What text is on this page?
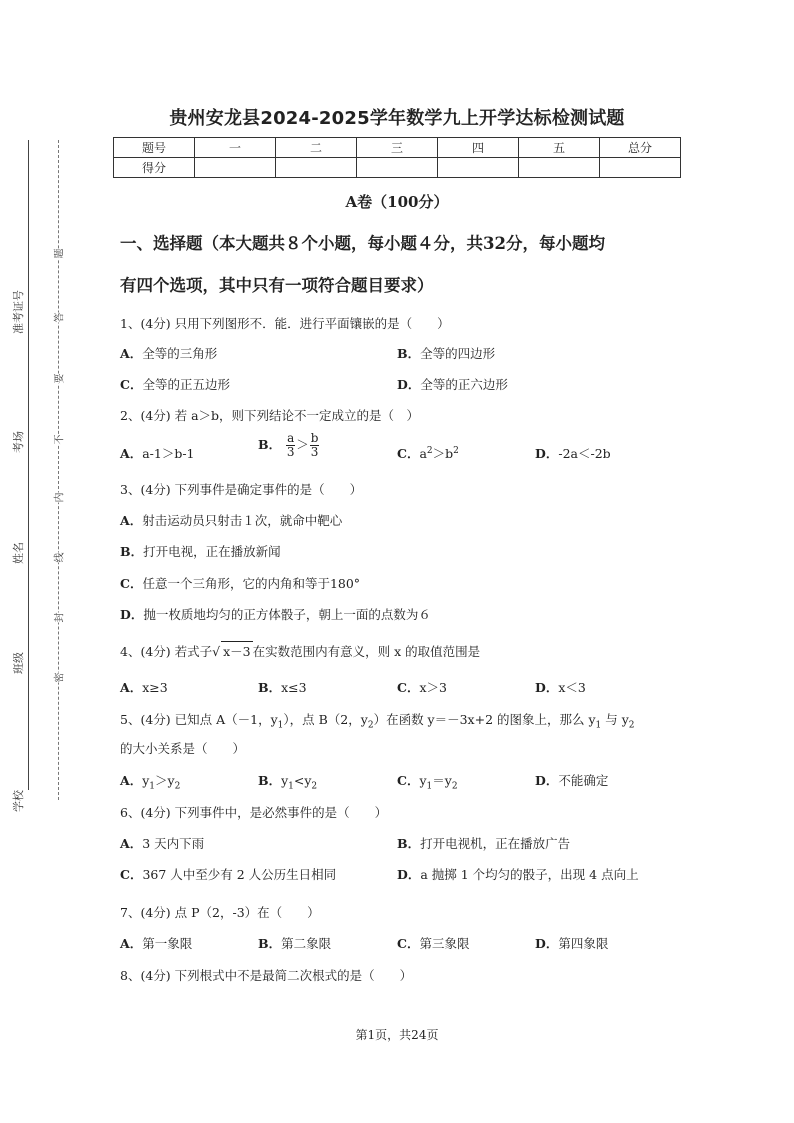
准考证号
考场
姓名
班级
学校
题
答
要
不
内
线
封
密
贵州安龙县2024-2025学年数学九上开学达标检测试题
题号	一	二	三	四	五	总分
得分						
A卷（100分）
一、选择题（本大题共８个小题，每小题４分，共32分，每小题均
有四个选项，其中只有一项符合题目要求）
1、(4分) 只用下列图形不．能．进行平面镶嵌的是（　　）
A．全等的三角形	B．全等的四边形
C．全等的正五边形	D．全等的正六边形
2、(4分) 若 a＞b，则下列结论不一定成立的是（　）
A．a-1＞b-1
B． $\frac{a}{3} > \frac{b}{3}$	C．$a^2>b^2$	D．-2a＜-2b
3、(4分) 下列事件是确定事件的是（　　）
A．射击运动员只射击１次，就命中靶心
B．打开电视，正在播放新闻
C．任意一个三角形，它的内角和等于180°
D．抛一枚质地均匀的正方体骰子，朝上一面的点数为６
4、(4分) 若式子√ x－3 在实数范围内有意义，则 x 的取值范围是
A．x≥3	B．x≤3	C．x＞3	D．x＜3
5、(4分) 已知点 A（－1，$y_1$），点 B（2，$y_2$）在函数 y＝－3x+2 的图象上，那么 $y_1$ 与 $y_2$
的大小关系是（　　）
A．$y_1>y_2$	B．$y_1<y_2$	C．$y_1=y_2$	D．不能确定
6、(4分) 下列事件中，是必然事件的是（　　）
A．3 天内下雨	B．打开电视机，正在播放广告
C．367 人中至少有 2 人公历生日相同	D．a 抛掷 1 个均匀的骰子，出现 4 点向上
7、(4分) 点 P（2，-3）在（　　）
A．第一象限	B．第二象限	C．第三象限	D．第四象限
8、(4分) 下列根式中不是最简二次根式的是（　　）
第1页，共24页
